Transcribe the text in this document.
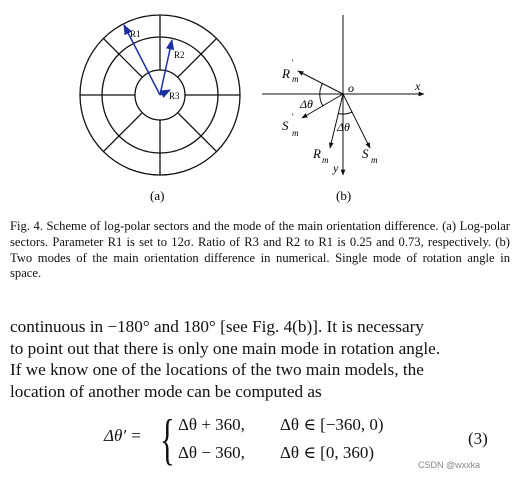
R1
R2
R3
(a)
R
'
m
o	x
y
Δθ
Δθ
S
'
m
R m	S m
(b)
Fig. 4. Scheme of log-polar sectors and the mode of the main orientation difference. (a) Log-polar sectors. Parameter R1 is set to 12σ. Ratio of R3 and R2 to R1 is 0.25 and 0.73, respectively. (b) Two modes of the main orientation difference in numerical. Single mode of rotation angle in space.
continuous in −180° and 180° [see Fig. 4(b)]. It is necessary
to point out that there is only one main mode in rotation angle.
If we know one of the locations of the two main models, the
location of another mode can be computed as
Δθ′ = { Δθ + 360,
Δθ − 360,
Δθ ∈ [−360, 0)
Δθ ∈ [0, 360)
(3)
CSDN @wxxka
